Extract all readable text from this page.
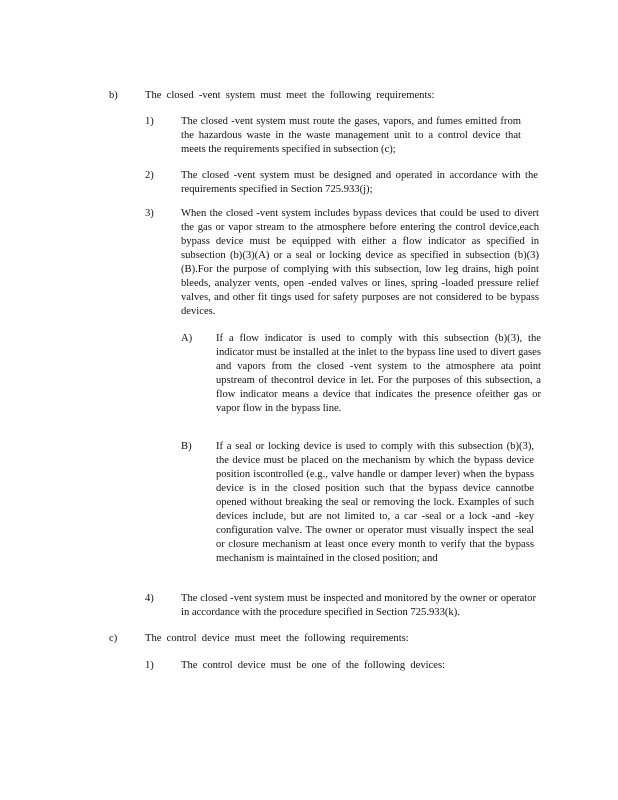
b)	The closed -vent system must meet the following requirements:
1)	The closed -vent system must route the gases, vapors, and fumes emitted from the hazardous waste in the waste management unit to a control device that meets the requirements specified in subsection (c);

2)	The closed -vent system must be designed and operated in accordance with the requirements specified in Section 725.933(j);

3)	When the closed -vent system includes bypass devices that could be used to divert the gas or vapor stream to the atmosphere before entering the control device,each bypass device must be equipped with either a flow indicator as specified in subsection (b)(3)(A) or a seal or locking device as specified in subsection (b)(3)(B).For the purpose of complying with this subsection, low leg drains, high point bleeds, analyzer vents, open -ended valves or lines, spring -loaded pressure relief valves, and other fit tings used for safety purposes are not considered to be bypass devices.

A) If a flow indicator is used to comply with this subsection (b)(3), the indicator must be installed at the inlet to the bypass line used to divert gases and vapors from the closed -vent system to the atmosphere ata point upstream of thecontrol device in let. For the purposes of this subsection, a flow indicator means a device that indicates the presence ofeither gas or vapor flow in the bypass line.

B) If a seal or locking device is used to comply with this subsection (b)(3), the device must be placed on the mechanism by which the bypass device position iscontrolled (e.g., valve handle or damper lever) when the bypass device is in the closed position such that the bypass device cannotbe opened without breaking the seal or removing the lock. Examples of such devices include, but are not limited to, a car -seal or a lock -and -key configuration valve. The owner or operator must visually inspect the seal or closure mechanism at least once every month to verify that the bypass mechanism is maintained in the closed position; and

4)	The closed -vent system must be inspected and monitored by the owner or operator in accordance with the procedure specified in Section 725.933(k).

c)	The control device must meet the following requirements:
1)	The control device must be one of the following devices:
